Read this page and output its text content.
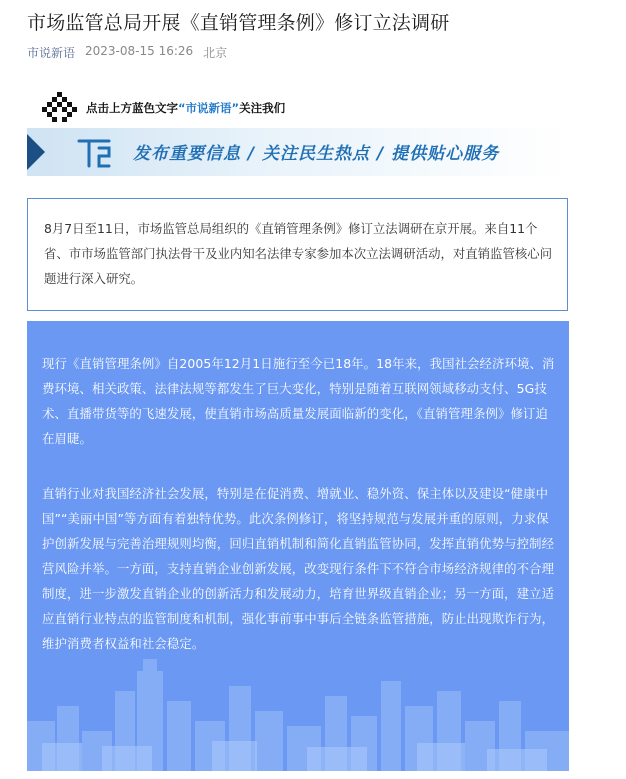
市场监管总局开展《直销管理条例》修订立法调研
市说新语 2023-08-15 16:26 北京
点击上方蓝色文字“市说新语”关注我们
发布重要信息 / 关注民生热点 / 提供贴心服务
8月7日至11日，市场监管总局组织的《直销管理条例》修订立法调研在京开展。来自11个省、市市场监管部门执法骨干及业内知名法律专家参加本次立法调研活动，对直销监管核心问题进行深入研究。
现行《直销管理条例》自2005年12月1日施行至今已18年。18年来，我国社会经济环境、消费环境、相关政策、法律法规等都发生了巨大变化，特别是随着互联网领域移动支付、5G技术、直播带货等的飞速发展，使直销市场高质量发展面临新的变化，《直销管理条例》修订迫在眉睫。
直销行业对我国经济社会发展，特别是在促消费、增就业、稳外资、保主体以及建设“健康中国”“美丽中国”等方面有着独特优势。此次条例修订，将坚持规范与发展并重的原则，力求保护创新发展与完善治理规则均衡，回归直销机制和简化直销监管协同，发挥直销优势与控制经营风险并举。一方面，支持直销企业创新发展，改变现行条件下不符合市场经济规律的不合理制度，进一步激发直销企业的创新活力和发展动力，培育世界级直销企业；另一方面，建立适应直销行业特点的监管制度和机制，强化事前事中事后全链条监管措施，防止出现欺诈行为，维护消费者权益和社会稳定。
